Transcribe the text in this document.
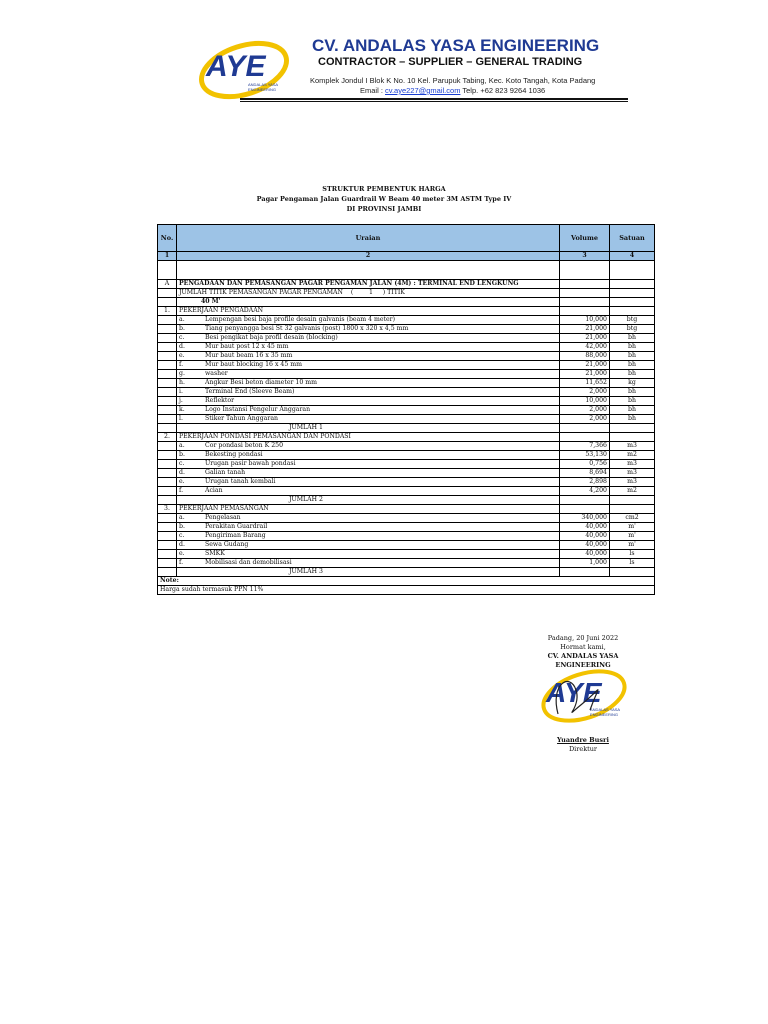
AYE
ANDALAS YASA
ENGINEERING
CV. ANDALAS YASA ENGINEERING
CONTRACTOR – SUPPLIER – GENERAL TRADING
Komplek Jondul I Blok K No. 10 Kel. Parupuk Tabing, Kec. Koto Tangah, Kota Padang
Email : cv.aye227@gmail.com Telp. +62 823 9264 1036
STRUKTUR PEMBENTUK HARGA
Pagar Pengaman Jalan Guardrail W Beam 40 meter 3M ASTM Type IV
DI PROVINSI JAMBI
No.	Uraian	Volume	Satuan
1	2	3	4

A	PENGADAAN DAN PEMASANGAN PAGAR PENGAMAN JALAN (4M) : TERMINAL END LENGKUNG		
	JUMLAH TITIK PEMASANGAN PAGAR PENGAMAN ( 1 ) TITIK		
	40 M'		
1.	PEKERJAAN PENGADAAN		
	a. Lempengan besi baja profile desain galvanis (beam 4 meter)	10,000	btg
	b. Tiang penyangga besi St 32 galvanis (post) 1800 x 320 x 4,5 mm	21,000	btg
	c. Besi pengikat baja profil desain (blocking)	21,000	bh
	d. Mur baut post 12 x 45 mm	42,000	bh
	e. Mur baut beam 16 x 35 mm	88,000	bh
	f. Mur baut blocking 16 x 45 mm	21,000	bh
	g. washer	21,000	bh
	h. Angkur Besi beton diameter 10 mm	11,652	kg
	i. Terminal End (Sleeve Beam)	2,000	bh
	j. Reflektor	10,000	bh
	k. Logo Instansi Pengelur Anggaran	2,000	bh
	l. Stiker Tahun Anggaran	2,000	bh
	JUMLAH 1		
2.	PEKERJAAN PONDASI PEMASANGAN DAN PONDASI		
	a. Cor pondasi beton K 250	7,366	m3
	b. Bekesting pondasi	53,130	m2
	c. Urugan pasir bawah pondasi	0,756	m3
	d. Galian tanah	8,694	m3
	e. Urugan tanah kembali	2,898	m3
	f. Acian	4,200	m2
	JUMLAH 2		
3.	PEKERJAAN PEMASANGAN		
	a. Pengelasan	340,000	cm2
	b. Perakitan Guardrail	40,000	m'
	c. Pengiriman Barang	40,000	m'
	d. Sewa Gudang	40,000	m'
	e. SMKK	40,000	ls
	f. Mobilisasi dan demobilisasi	1,000	ls
	JUMLAH 3		
Note:			
Harga sudah termasuk PPN 11%			
Padang, 20 Juni 2022
Hormat kami,
CV. ANDALAS YASA ENGINEERING
Yuandre Busri
Direktur
AYE
ANDALAS YASA
ENGINEERING
